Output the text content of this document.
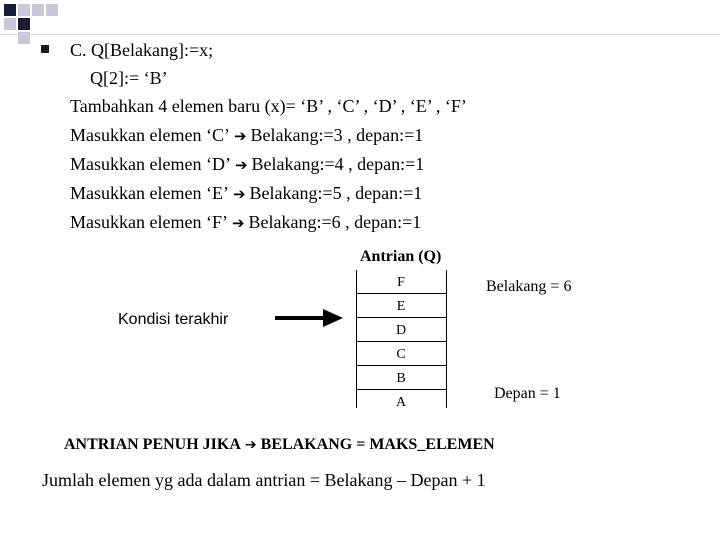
C. Q[Belakang]:=x;
Q[2]:= ‘B’
Tambahkan 4 elemen baru (x)= ‘B’ , ‘C’ , ‘D’ , ‘E’ , ‘F’
Masukkan elemen ‘C’ ➔ Belakang:=3 , depan:=1
Masukkan elemen ‘D’ ➔ Belakang:=4 , depan:=1
Masukkan elemen ‘E’ ➔ Belakang:=5 , depan:=1
Masukkan elemen ‘F’ ➔ Belakang:=6 , depan:=1
Antrian (Q)
Kondisi terakhir
F
E
D
C
B
A
Belakang = 6
Depan = 1
ANTRIAN PENUH JIKA ➔ BELAKANG = MAKS_ELEMEN
Jumlah elemen yg ada dalam antrian = Belakang – Depan + 1
